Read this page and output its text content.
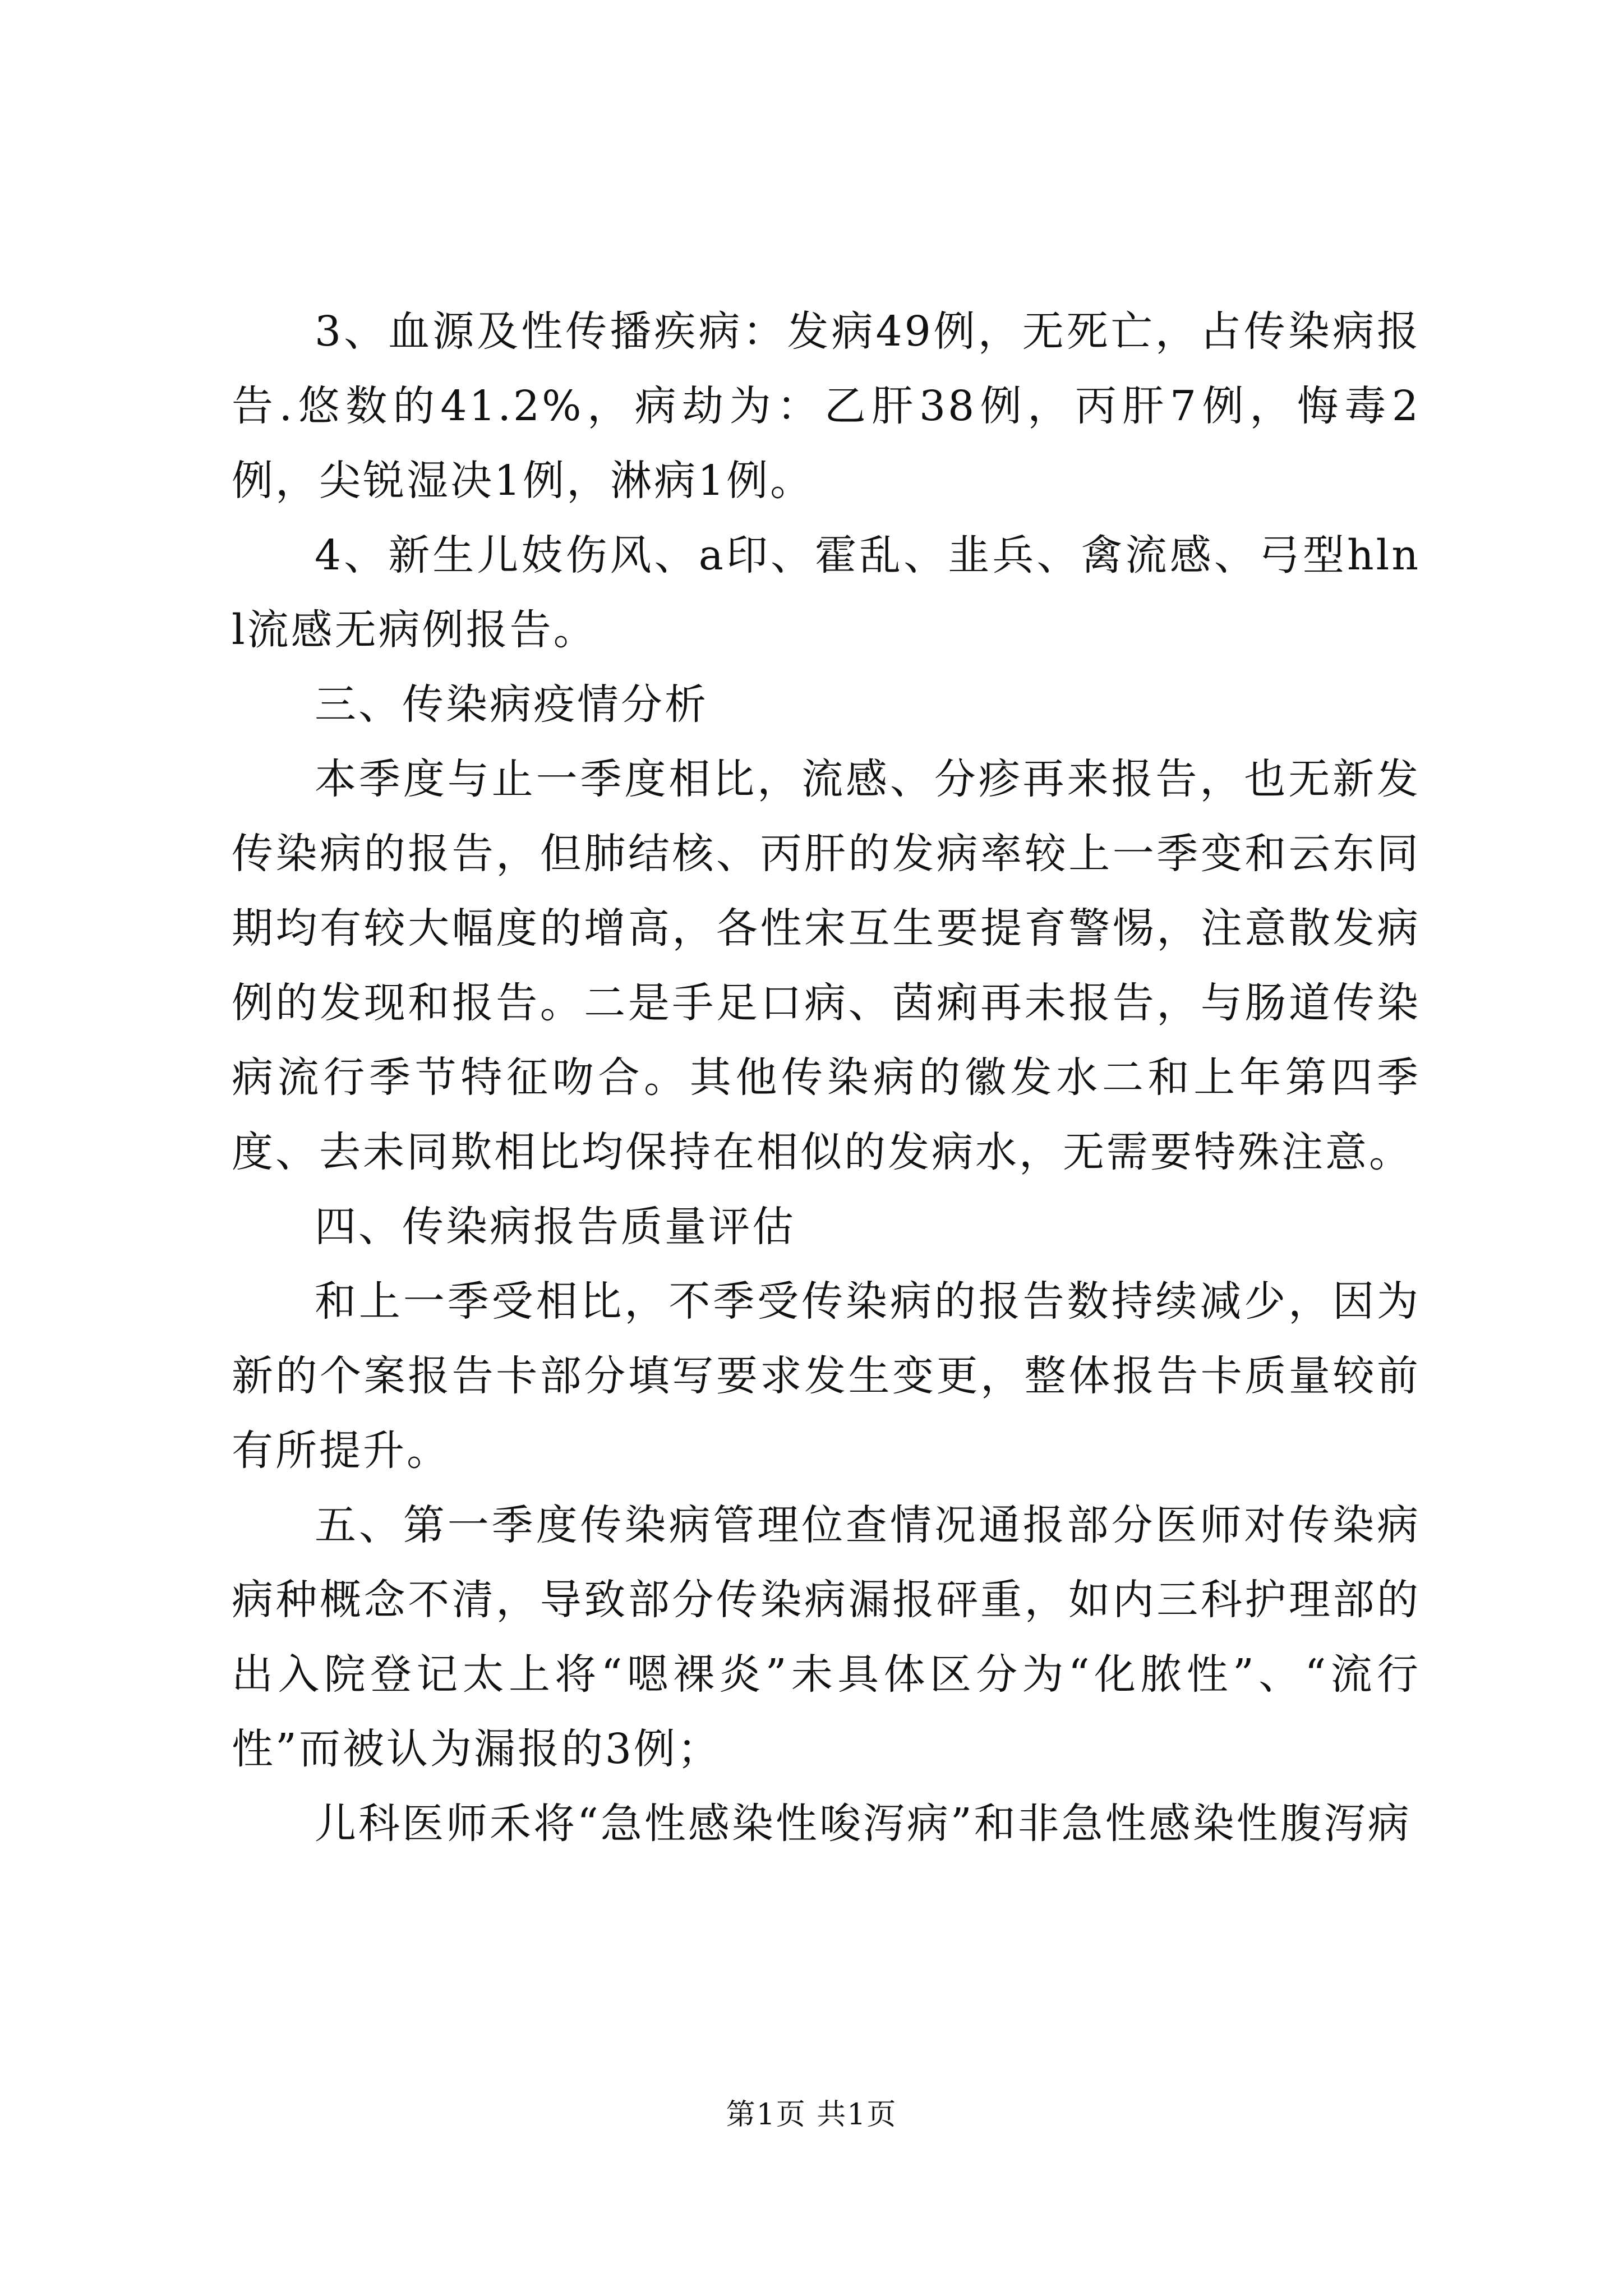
3、血源及性传播疾病：发病49例，无死亡，占传染病报告.悠数的41.2%，病劫为：乙肝38例，丙肝7例，悔毒2例，尖锐湿决1例，淋病1例。

4、新生儿妓伤风、a印、霍乱、韭兵、禽流感、弓型hlnl流感无病例报告。

三、传染病疫情分析

本季度与止一季度相比，流感、分疹再来报告，也无新发传染病的报告，但肺结核、丙肝的发病率较上一季变和云东同期均有较大幅度的增高，各性宋互生要提育警惕，注意散发病例的发现和报告。二是手足口病、茵痢再未报告，与肠道传染病流行季节特征吻合。其他传染病的徽发水二和上年第四季度、去未同欺相比均保持在相似的发病水，无需要特殊注意。

四、传染病报告质量评估

和上一季受相比，不季受传染病的报告数持续减少，因为新的个案报告卡部分填写要求发生变更，整体报告卡质量较前有所提升。

五、第一季度传染病管理位查情况通报部分医师对传染病病种概念不清，导致部分传染病漏报砰重，如内三科护理部的出入院登记太上将“嗯裸炎”未具体区分为“化脓性”、“流行性”而被认为漏报的3例；

儿科医师禾将“急性感染性唆泻病”和非急性感染性腹泻病

第1页 共1页
